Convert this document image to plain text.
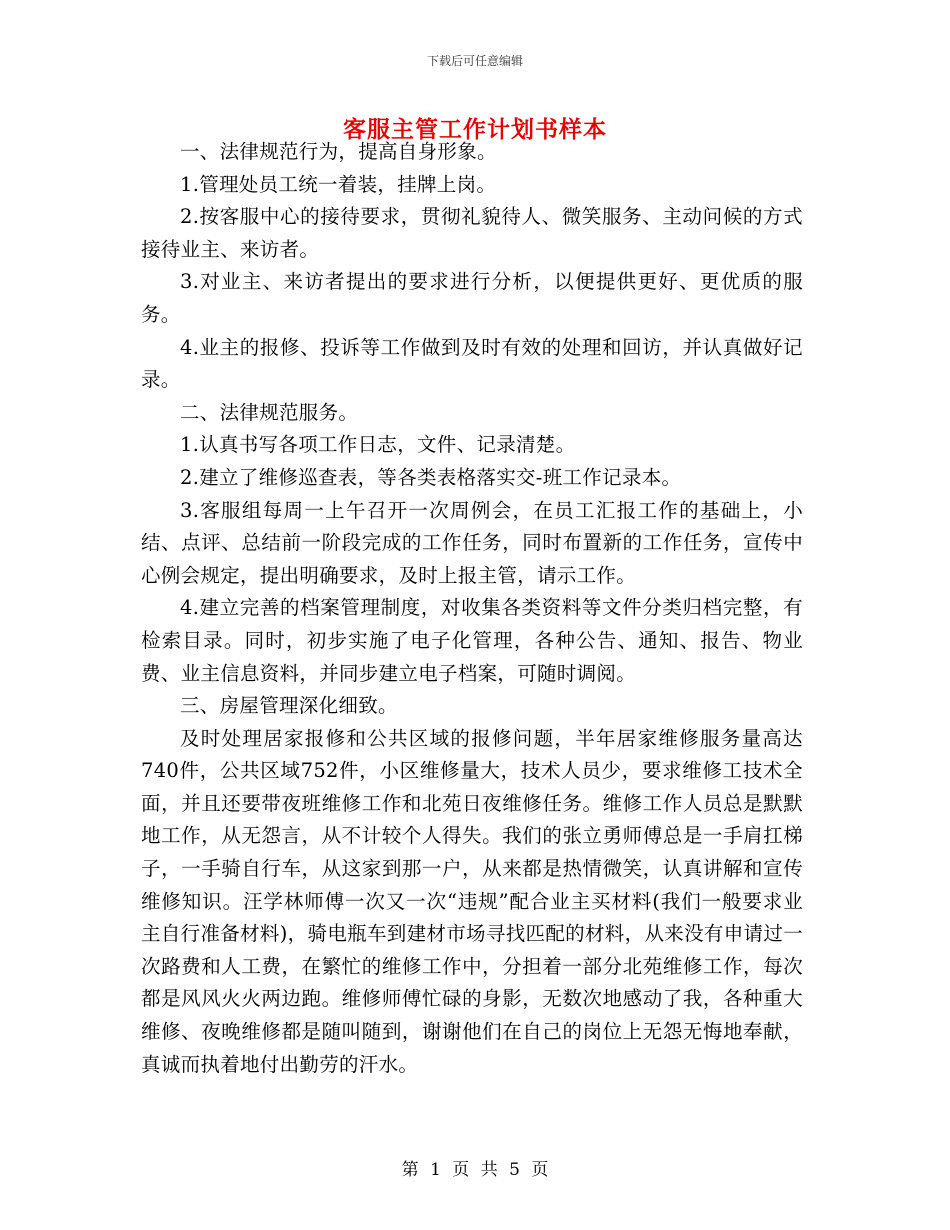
下载后可任意编辑
客服主管工作计划书样本

一、法律规范行为，提高自身形象。

1.管理处员工统一着装，挂牌上岗。

2.按客服中心的接待要求，贯彻礼貌待人、微笑服务、主动问候的方式接待业主、来访者。

3.对业主、来访者提出的要求进行分析，以便提供更好、更优质的服务。

4.业主的报修、投诉等工作做到及时有效的处理和回访，并认真做好记录。

二、法律规范服务。

1.认真书写各项工作日志，文件、记录清楚。

2.建立了维修巡查表，等各类表格落实交-班工作记录本。

3.客服组每周一上午召开一次周例会，在员工汇报工作的基础上，小结、点评、总结前一阶段完成的工作任务，同时布置新的工作任务，宣传中心例会规定，提出明确要求，及时上报主管，请示工作。

4.建立完善的档案管理制度，对收集各类资料等文件分类归档完整，有检索目录。同时，初步实施了电子化管理，各种公告、通知、报告、物业费、业主信息资料，并同步建立电子档案，可随时调阅。

三、房屋管理深化细致。

及时处理居家报修和公共区域的报修问题，半年居家维修服务量高达740件，公共区域752件，小区维修量大，技术人员少，要求维修工技术全面，并且还要带夜班维修工作和北苑日夜维修任务。维修工作人员总是默默地工作，从无怨言，从不计较个人得失。我们的张立勇师傅总是一手肩扛梯子，一手骑自行车，从这家到那一户，从来都是热情微笑，认真讲解和宣传维修知识。汪学林师傅一次又一次“违规”配合业主买材料(我们一般要求业主自行准备材料)，骑电瓶车到建材市场寻找匹配的材料，从来没有申请过一次路费和人工费，在繁忙的维修工作中，分担着一部分北苑维修工作，每次都是风风火火两边跑。维修师傅忙碌的身影，无数次地感动了我，各种重大维修、夜晚维修都是随叫随到，谢谢他们在自己的岗位上无怨无悔地奉献，真诚而执着地付出勤劳的汗水。

第 1 页 共 5 页
